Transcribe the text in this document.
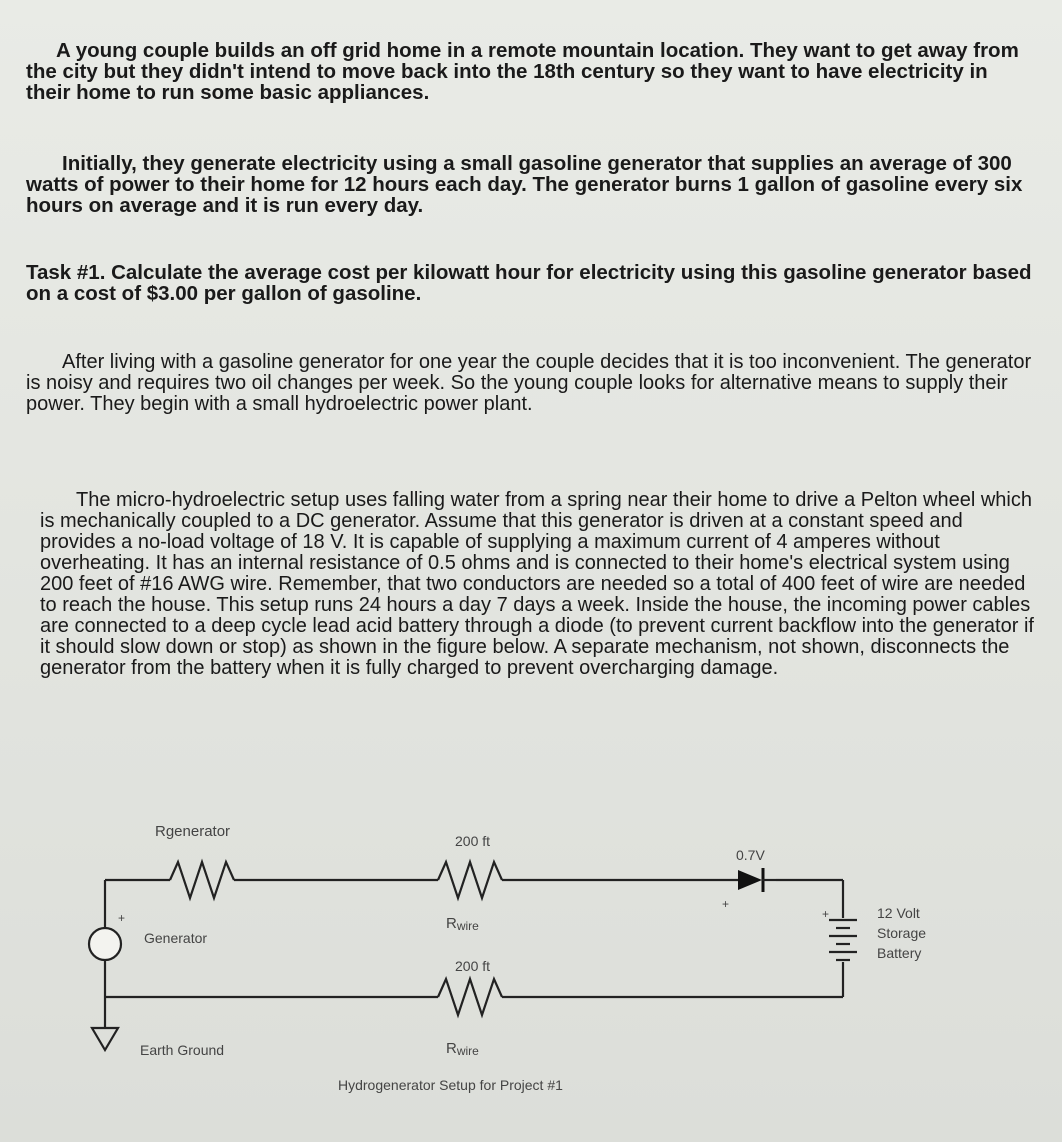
A young couple builds an off grid home in a remote mountain location. They want to get away from the city but they didn't intend to move back into the 18th century so they want to have electricity in their home to run some basic appliances.

Initially, they generate electricity using a small gasoline generator that supplies an average of 300 watts of power to their home for 12 hours each day. The generator burns 1 gallon of gasoline every six hours on average and it is run every day.

Task #1. Calculate the average cost per kilowatt hour for electricity using this gasoline generator based on a cost of $3.00 per gallon of gasoline.

After living with a gasoline generator for one year the couple decides that it is too inconvenient. The generator is noisy and requires two oil changes per week. So the young couple looks for alternative means to supply their power. They begin with a small hydroelectric power plant.

The micro-hydroelectric setup uses falling water from a spring near their home to drive a Pelton wheel which is mechanically coupled to a DC generator. Assume that this generator is driven at a constant speed and provides a no-load voltage of 18 V. It is capable of supplying a maximum current of 4 amperes without overheating. It has an internal resistance of 0.5 ohms and is connected to their home's electrical system using 200 feet of #16 AWG wire. Remember, that two conductors are needed so a total of 400 feet of wire are needed to reach the house. This setup runs 24 hours a day 7 days a week. Inside the house, the incoming power cables are connected to a deep cycle lead acid battery through a diode (to prevent current backflow into the generator if it should slow down or stop) as shown in the figure below. A separate mechanism, not shown, disconnects the generator from the battery when it is fully charged to prevent overcharging damage.

Rgenerator
200 ft
0.7V
+
+
+	Rwire
Generator
200 ft
12 Volt
Storage
Battery
Earth Ground	Rwire
Hydrogenerator Setup for Project #1
